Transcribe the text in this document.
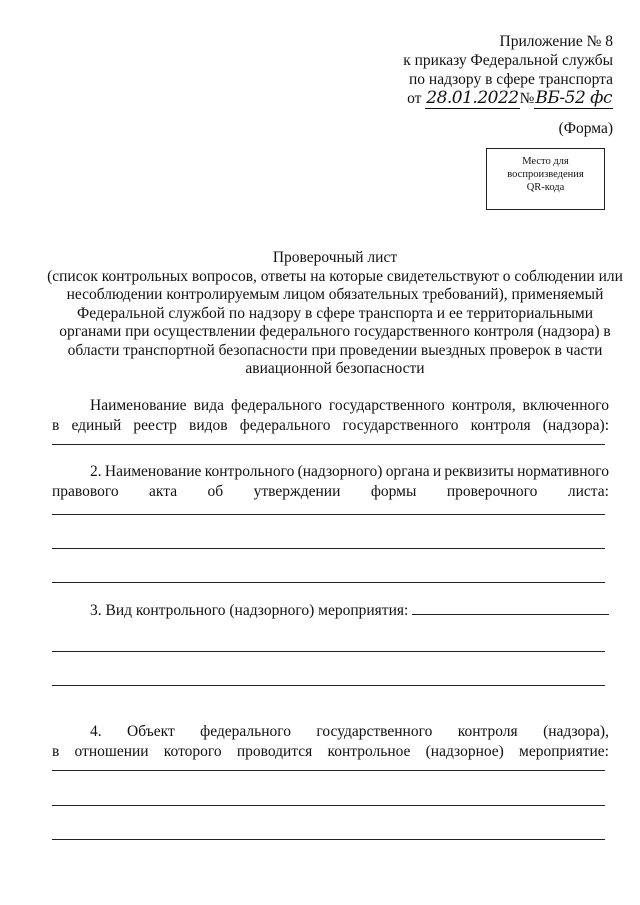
Приложение № 8
к приказу Федеральной службы
по надзору в сфере транспорта
от 28.01.2022№ВБ-52 фс
(Форма)
Место для
воспроизведения
QR-кода
Проверочный лист
(список контрольных вопросов, ответы на которые свидетельствуют о соблюдении или
несоблюдении контролируемым лицом обязательных требований), применяемый
Федеральной службой по надзору в сфере транспорта и ее территориальными
органами при осуществлении федерального государственного контроля (надзора) в
области транспортной безопасности при проведении выездных проверок в части
авиационной безопасности
Наименование вида федерального государственного контроля, включенного
в единый реестр видов федерального государственного контроля (надзора):
2. Наименование контрольного (надзорного) органа и реквизиты нормативного
правового акта об утверждении формы проверочного листа:
3. Вид контрольного (надзорного) мероприятия:
4. Объект федерального государственного контроля (надзора),
в отношении которого проводится контрольное (надзорное) мероприятие:
